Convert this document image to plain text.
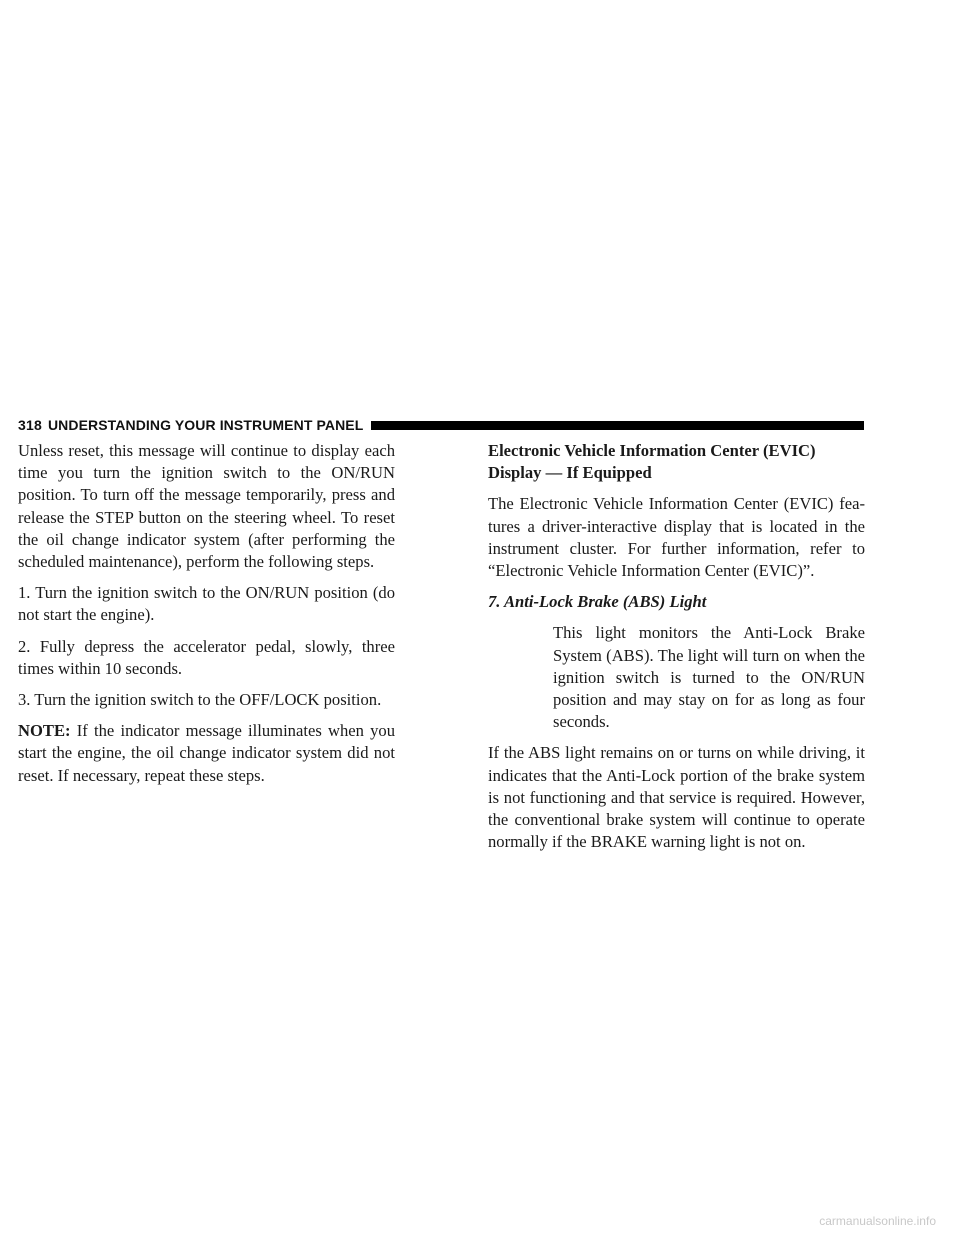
318 UNDERSTANDING YOUR INSTRUMENT PANEL

Unless reset, this message will continue to display each time you turn the ignition switch to the ON/RUN position. To turn off the message temporarily, press and release the STEP button on the steering wheel. To reset the oil change indicator system (after performing the scheduled maintenance), perform the following steps.

1. Turn the ignition switch to the ON/RUN position (do not start the engine).

2. Fully depress the accelerator pedal, slowly, three times within 10 seconds.

3. Turn the ignition switch to the OFF/LOCK position.

NOTE: If the indicator message illuminates when you start the engine, the oil change indicator system did not reset. If necessary, repeat these steps.

Electronic Vehicle Information Center (EVIC)
Display — If Equipped

The Electronic Vehicle Information Center (EVIC) features a driver-interactive display that is located in the instrument cluster. For further information, refer to “Electronic Vehicle Information Center (EVIC)”.

7. Anti-Lock Brake (ABS) Light

This light monitors the Anti-Lock Brake System (ABS). The light will turn on when the ignition switch is turned to the ON/RUN position and may stay on for as long as four seconds.

If the ABS light remains on or turns on while driving, it indicates that the Anti-Lock portion of the brake system is not functioning and that service is required. However, the conventional brake system will continue to operate normally if the BRAKE warning light is not on.

carmanualsonline.info
